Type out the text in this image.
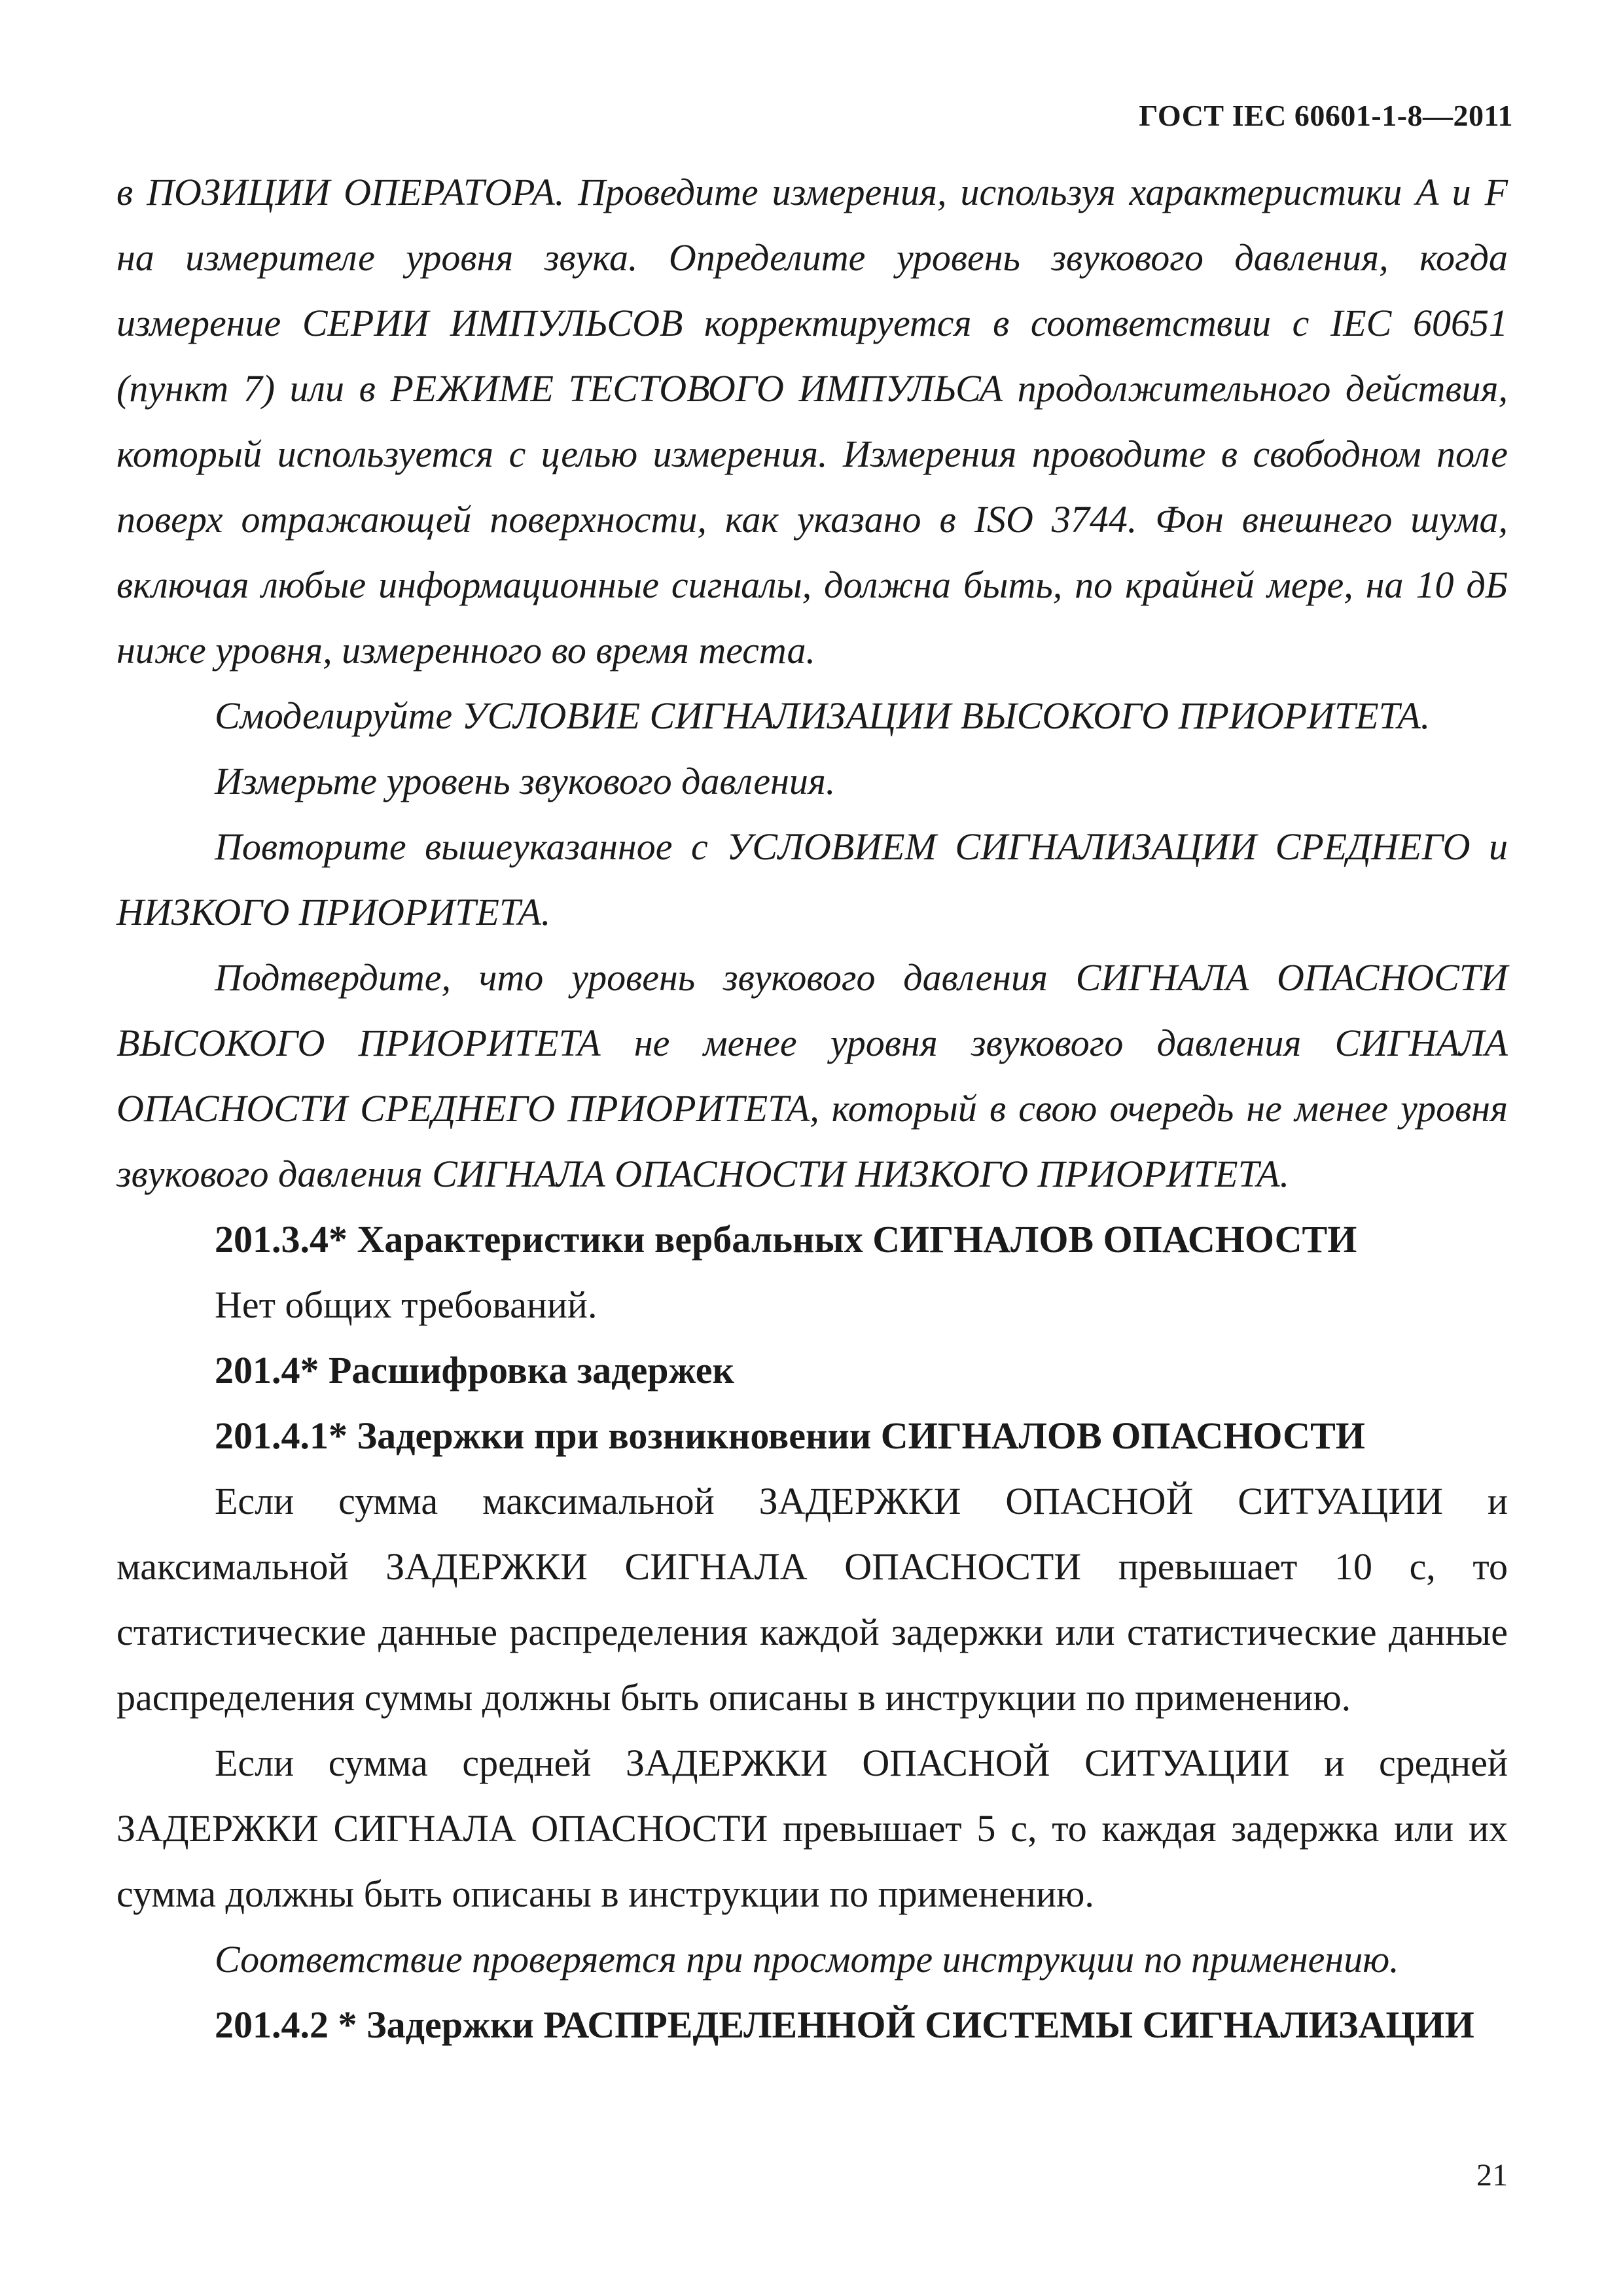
ГОСТ IEC 60601-1-8—2011

в ПОЗИЦИИ ОПЕРАТОРА. Проведите измерения, используя характеристики A и F на измерителе уровня звука. Определите уровень звукового давления, когда измерение СЕРИИ ИМПУЛЬСОВ корректируется в соответствии с IEC 60651 (пункт 7) или в РЕЖИМЕ ТЕСТОВОГО ИМПУЛЬСА продолжительного действия, который используется с целью измерения. Измерения проводите в свободном поле поверх отражающей поверхности, как указано в ISO 3744. Фон внешнего шума, включая любые информационные сигналы, должна быть, по крайней мере, на 10 дБ ниже уровня, измеренного во время теста.

Смоделируйте УСЛОВИЕ СИГНАЛИЗАЦИИ ВЫСОКОГО ПРИОРИТЕТА.

Измерьте уровень звукового давления.

Повторите вышеуказанное с УСЛОВИЕМ СИГНАЛИЗАЦИИ СРЕДНЕГО и НИЗКОГО ПРИОРИТЕТА.

Подтвердите, что уровень звукового давления СИГНАЛА ОПАСНОСТИ ВЫСОКОГО ПРИОРИТЕТА не менее уровня звукового давления СИГНАЛА ОПАСНОСТИ СРЕДНЕГО ПРИОРИТЕТА, который в свою очередь не менее уровня звукового давления СИГНАЛА ОПАСНОСТИ НИЗКОГО ПРИОРИТЕТА.

201.3.4* Характеристики вербальных СИГНАЛОВ ОПАСНОСТИ

Нет общих требований.

201.4* Расшифровка задержек

201.4.1* Задержки при возникновении СИГНАЛОВ ОПАСНОСТИ

Если сумма максимальной ЗАДЕРЖКИ ОПАСНОЙ СИТУАЦИИ и максимальной ЗАДЕРЖКИ СИГНАЛА ОПАСНОСТИ превышает 10 с, то статистические данные распределения каждой задержки или статистические данные распределения суммы должны быть описаны в инструкции по применению.

Если сумма средней ЗАДЕРЖКИ ОПАСНОЙ СИТУАЦИИ и средней ЗАДЕРЖКИ СИГНАЛА ОПАСНОСТИ превышает 5 с, то каждая задержка или их сумма должны быть описаны в инструкции по применению.

Соответствие проверяется при просмотре инструкции по применению.

201.4.2 * Задержки РАСПРЕДЕЛЕННОЙ СИСТЕМЫ СИГНАЛИЗАЦИИ

21
